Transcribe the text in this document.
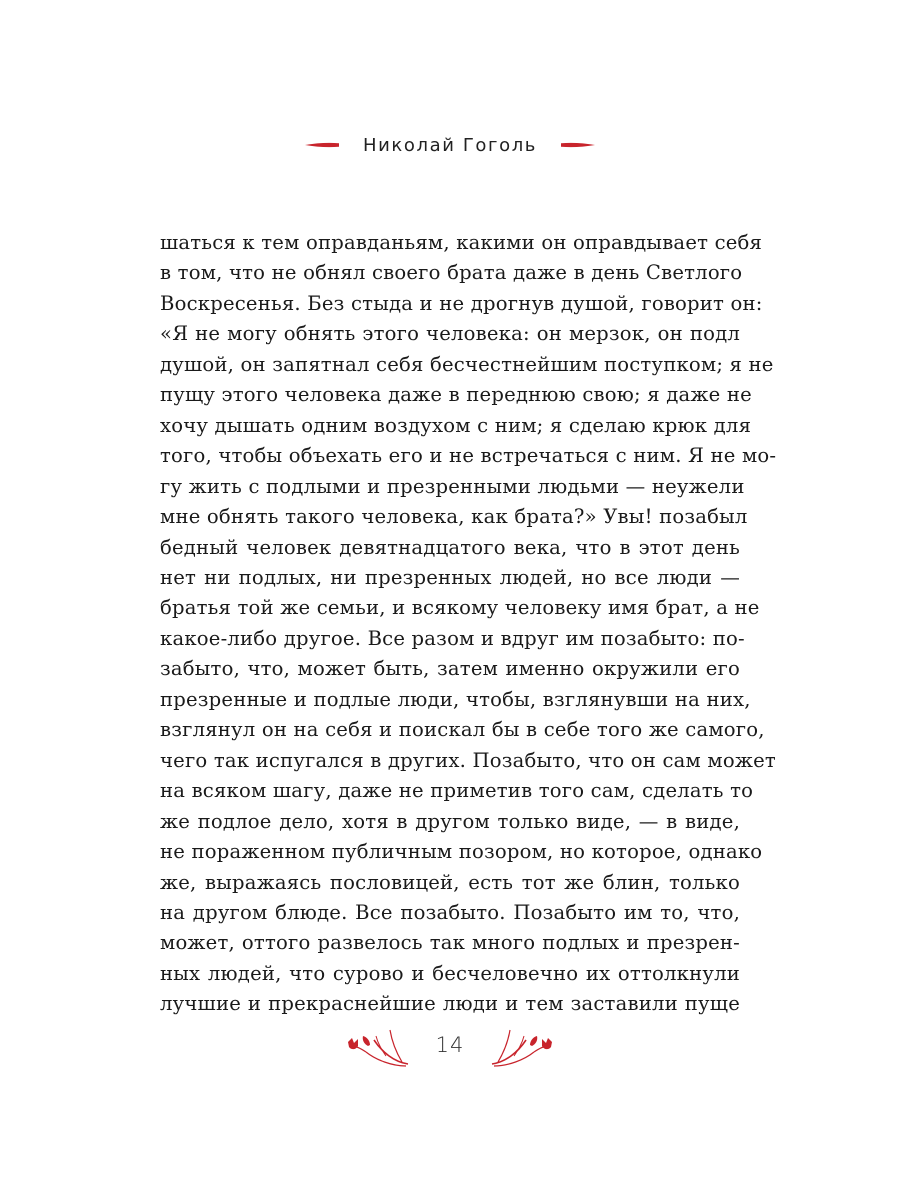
Николай Гоголь
шаться к тем оправданьям, какими он оправдывает себя
в том, что не обнял своего брата даже в день Светлого
Воскресенья. Без стыда и не дрогнув душой, говорит он:
«Я не могу обнять этого человека: он мерзок, он подл
душой, он запятнал себя бесчестнейшим поступком; я не
пущу этого человека даже в переднюю свою; я даже не
хочу дышать одним воздухом с ним; я сделаю крюк для
того, чтобы объехать его и не встречаться с ним. Я не мо-
гу жить с подлыми и презренными людьми — неужели
мне обнять такого человека, как брата?» Увы! позабыл
бедный человек девятнадцатого века, что в этот день
нет ни подлых, ни презренных людей, но все люди —
братья той же семьи, и всякому человеку имя брат, а не
какое-либо другое. Все разом и вдруг им позабыто: по-
забыто, что, может быть, затем именно окружили его
презренные и подлые люди, чтобы, взглянувши на них,
взглянул он на себя и поискал бы в себе того же самого,
чего так испугался в других. Позабыто, что он сам может
на всяком шагу, даже не приметив того сам, сделать то
же подлое дело, хотя в другом только виде, — в виде,
не пораженном публичным позором, но которое, однако
же, выражаясь пословицей, есть тот же блин, только
на другом блюде. Все позабыто. Позабыто им то, что,
может, оттого развелось так много подлых и презрен-
ных людей, что сурово и бесчеловечно их оттолкнули
лучшие и прекраснейшие люди и тем заставили пуще
14
